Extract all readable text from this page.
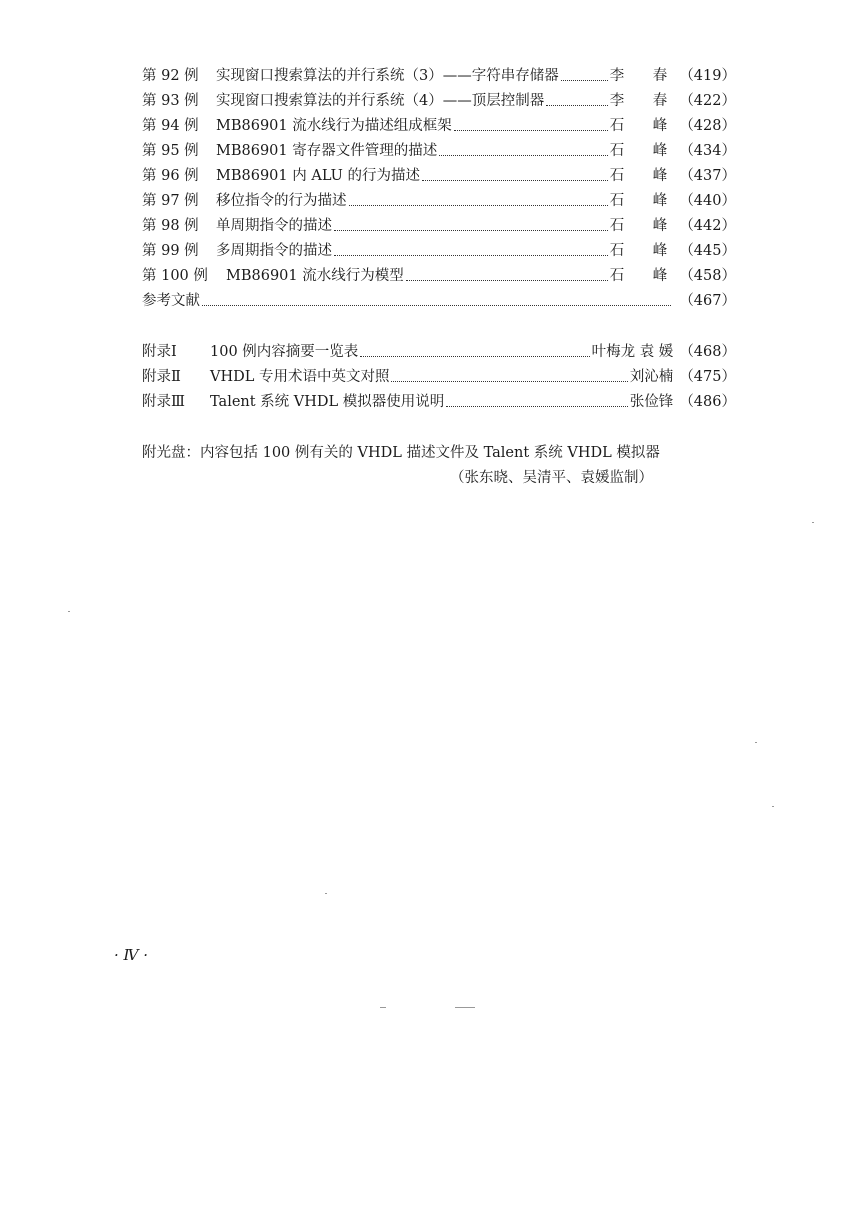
第 92 例	实现窗口搜索算法的并行系统（3）——字符串存储器	李 春 （419）
第 93 例	实现窗口搜索算法的并行系统（4）——顶层控制器	李 春 （422）
第 94 例	MB86901 流水线行为描述组成框架	石 峰 （428）
第 95 例	MB86901 寄存器文件管理的描述	石 峰 （434）
第 96 例	MB86901 内 ALU 的行为描述	石 峰 （437）
第 97 例	移位指令的行为描述	石 峰 （440）
第 98 例	单周期指令的描述	石 峰 （442）
第 99 例	多周期指令的描述	石 峰 （445）
第 100 例	MB86901 流水线行为模型	石 峰 （458）
参考文献	（467）
附录Ⅰ	100 例内容摘要一览表	叶梅龙 袁 媛 （468）
附录Ⅱ	VHDL 专用术语中英文对照	刘沁楠 （475）
附录Ⅲ	Talent 系统 VHDL 模拟器使用说明	张俭锋 （486）
附光盘：内容包括 100 例有关的 VHDL 描述文件及 Talent 系统 VHDL 模拟器
（张东晓、吴清平、袁媛监制）
· Ⅳ ·
